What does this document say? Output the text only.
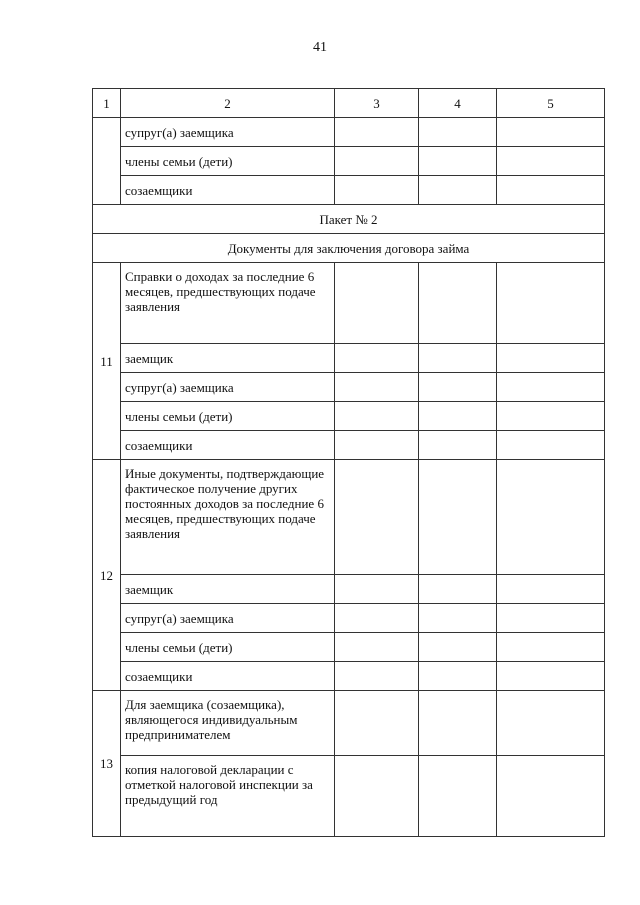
41
1	2	3	4	5
	супруг(а) заемщика			
	члены семьи (дети)			
	созаемщики			
Пакет № 2				
Документы для заключения договора займа				
11	Справки о доходах за последние 6 месяцев, предшествующих подаче заявления			
	заемщик			
	супруг(а) заемщика			
	члены семьи (дети)			
	созаемщики			
12	Иные документы, подтверждающие фактическое получение других постоянных доходов за последние 6 месяцев, предшествующих подаче заявления			
	заемщик			
	супруг(а) заемщика			
	члены семьи (дети)			
	созаемщики			
13	Для заемщика (созаемщика), являющегося индивидуальным предпринимателем			
	копия налоговой декларации с отметкой налоговой инспекции за предыдущий год			
